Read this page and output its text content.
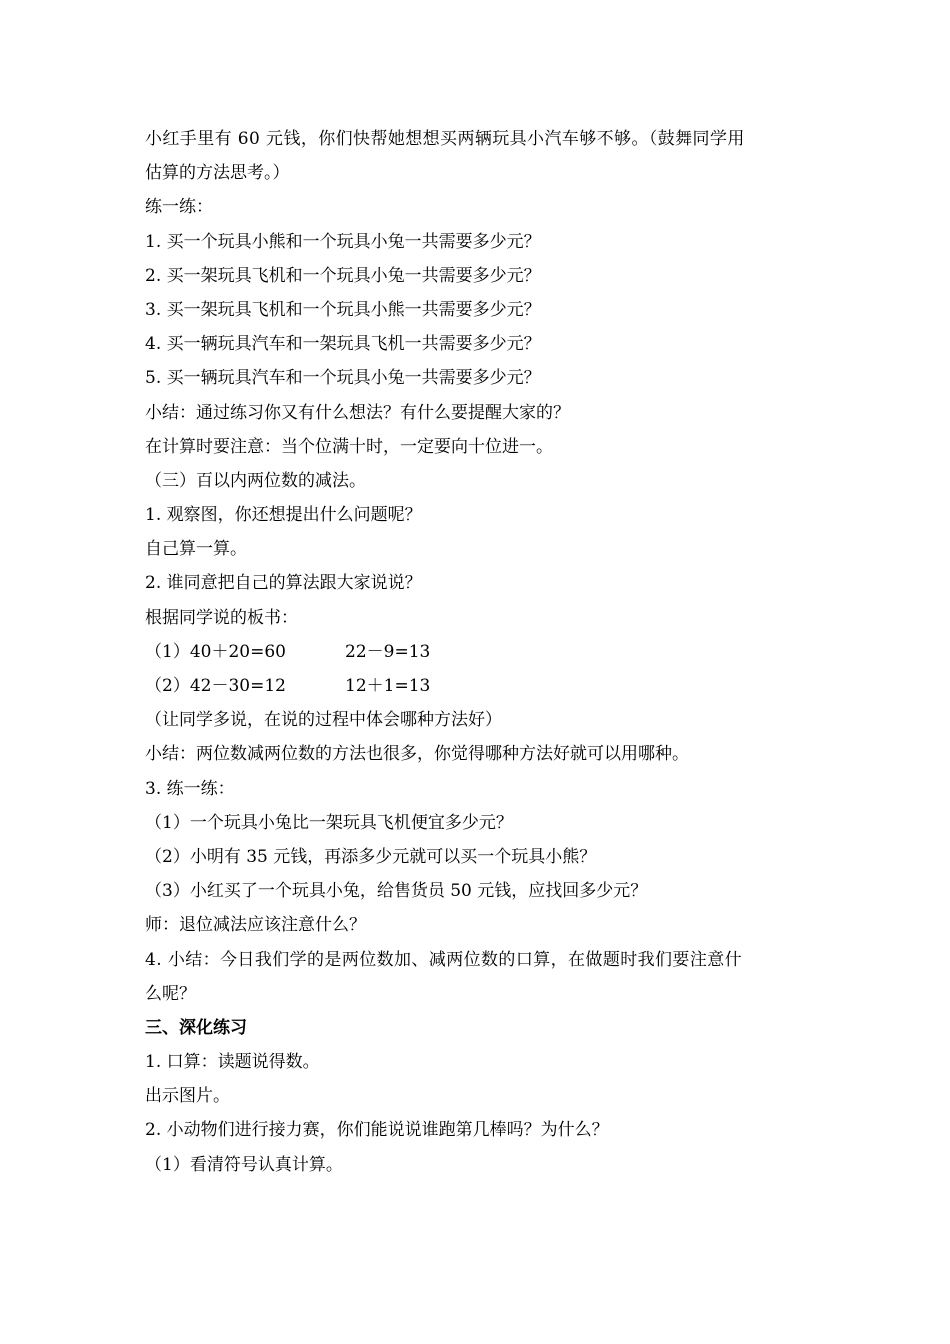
小红手里有 60 元钱，你们快帮她想想买两辆玩具小汽车够不够。（鼓舞同学用
估算的方法思考。）
练一练：
1. 买一个玩具小熊和一个玩具小兔一共需要多少元？
2. 买一架玩具飞机和一个玩具小兔一共需要多少元？
3. 买一架玩具飞机和一个玩具小熊一共需要多少元？
4. 买一辆玩具汽车和一架玩具飞机一共需要多少元？
5. 买一辆玩具汽车和一个玩具小兔一共需要多少元？
小结：通过练习你又有什么想法？有什么要提醒大家的？
在计算时要注意：当个位满十时，一定要向十位进一。
（三）百以内两位数的减法。
1. 观察图，你还想提出什么问题呢？
自己算一算。
2. 谁同意把自己的算法跟大家说说？
根据同学说的板书：
（1）40＋20=60	22－9=13
（2）42－30=12	12＋1=13
（让同学多说，在说的过程中体会哪种方法好）
小结：两位数减两位数的方法也很多，你觉得哪种方法好就可以用哪种。
3. 练一练：
（1）一个玩具小兔比一架玩具飞机便宜多少元？
（2）小明有 35 元钱，再添多少元就可以买一个玩具小熊？
（3）小红买了一个玩具小兔，给售货员 50 元钱，应找回多少元？
师：退位减法应该注意什么？
4. 小结：今日我们学的是两位数加、减两位数的口算，在做题时我们要注意什
么呢？
三、深化练习
1. 口算：读题说得数。
出示图片。
2. 小动物们进行接力赛，你们能说说谁跑第几棒吗？为什么？
（1）看清符号认真计算。
